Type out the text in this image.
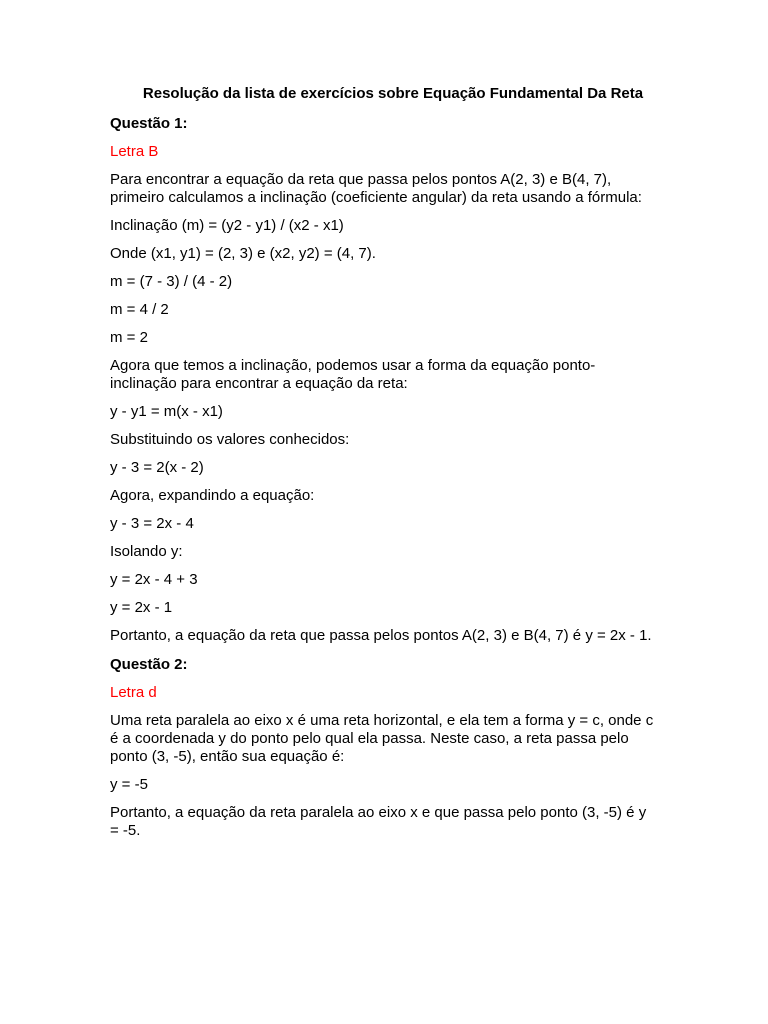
Resolução da lista de exercícios sobre Equação Fundamental Da Reta

Questão 1:

Letra B

Para encontrar a equação da reta que passa pelos pontos A(2, 3) e B(4, 7), primeiro calculamos a inclinação (coeficiente angular) da reta usando a fórmula:

Inclinação (m) = (y2 - y1) / (x2 - x1)

Onde (x1, y1) = (2, 3) e (x2, y2) = (4, 7).

m = (7 - 3) / (4 - 2)

m = 4 / 2

m = 2

Agora que temos a inclinação, podemos usar a forma da equação ponto-inclinação para encontrar a equação da reta:

y - y1 = m(x - x1)

Substituindo os valores conhecidos:

y - 3 = 2(x - 2)

Agora, expandindo a equação:

y - 3 = 2x - 4

Isolando y:

y = 2x - 4 + 3

y = 2x - 1

Portanto, a equação da reta que passa pelos pontos A(2, 3) e B(4, 7) é y = 2x - 1.

Questão 2:

Letra d

Uma reta paralela ao eixo x é uma reta horizontal, e ela tem a forma y = c, onde c é a coordenada y do ponto pelo qual ela passa. Neste caso, a reta passa pelo ponto (3, -5), então sua equação é:

y = -5

Portanto, a equação da reta paralela ao eixo x e que passa pelo ponto (3, -5) é y = -5.
